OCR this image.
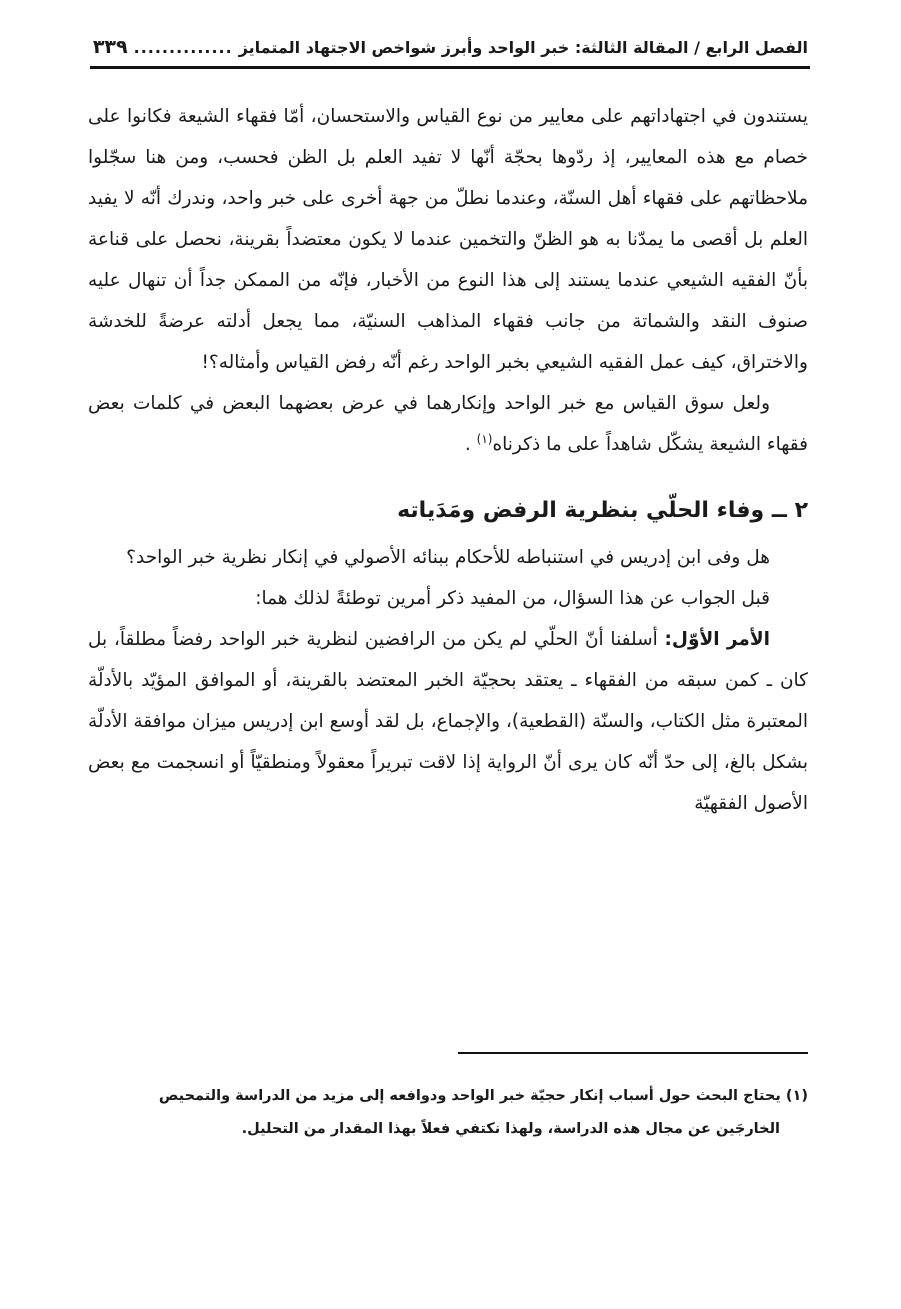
الفصل الرابع / المقالة الثالثة: خبر الواحد وأبرز شواخص الاجتهاد المتمايز
..............
٣٣٩

يستندون في اجتهاداتهم على معايير من نوع القياس والاستحسان، أمّا فقهاء الشيعة فكانوا على خصام مع هذه المعايير، إذ ردّوها بحجّة أنّها لا تفيد العلم بل الظن فحسب، ومن هنا سجّلوا ملاحظاتهم على فقهاء أهل السنّة، وعندما نطلّ من جهة أخرى على خبر واحد، وندرك أنّه لا يفيد العلم بل أقصى ما يمدّنا به هو الظنّ والتخمين عندما لا يكون معتضداً بقرينة، نحصل على قناعة بأنّ الفقيه الشيعي عندما يستند إلى هذا النوع من الأخبار، فإنّه من الممكن جداً أن تنهال عليه صنوف النقد والشماتة من جانب فقهاء المذاهب السنيّة، مما يجعل أدلته عرضةً للخدشة والاختراق، كيف عمل الفقيه الشيعي بخبر الواحد رغم أنّه رفض القياس وأمثاله؟!

ولعل سوق القياس مع خبر الواحد وإنكارهما في عرض بعضهما البعض في كلمات بعض فقهاء الشيعة يشكّل شاهداً على ما ذكرناه$^{(١)}$ .

٢ ــ وفاء الحلّي بنظرية الرفض ومَدَياته

هل وفى ابن إدريس في استنباطه للأحكام ببنائه الأصولي في إنكار نظرية خبر الواحد؟

قبل الجواب عن هذا السؤال، من المفيد ذكر أمرين توطئةً لذلك هما:

الأمر الأوّل: أسلفنا أنّ الحلّي لم يكن من الرافضين لنظرية خبر الواحد رفضاً مطلقاً، بل كان ـ كمن سبقه من الفقهاء ـ يعتقد بحجيّة الخبر المعتضد بالقرينة، أو الموافق المؤيّد بالأدلّة المعتبرة مثل الكتاب، والسنّة (القطعية)، والإجماع، بل لقد أوسع ابن إدريس ميزان موافقة الأدلّة بشكل بالغ، إلى حدّ أنّه كان يرى أنّ الرواية إذا لاقت تبريراً معقولاً ومنطقيّاً أو انسجمت مع بعض الأصول الفقهيّة

(١) يحتاج البحث حول أسباب إنكار حجيّة خبر الواحد ودوافعه إلى مزيد من الدراسة والتمحيص

الخارجَين عن مجال هذه الدراسة، ولهذا نكتفي فعلاً بهذا المقدار من التحليل.
